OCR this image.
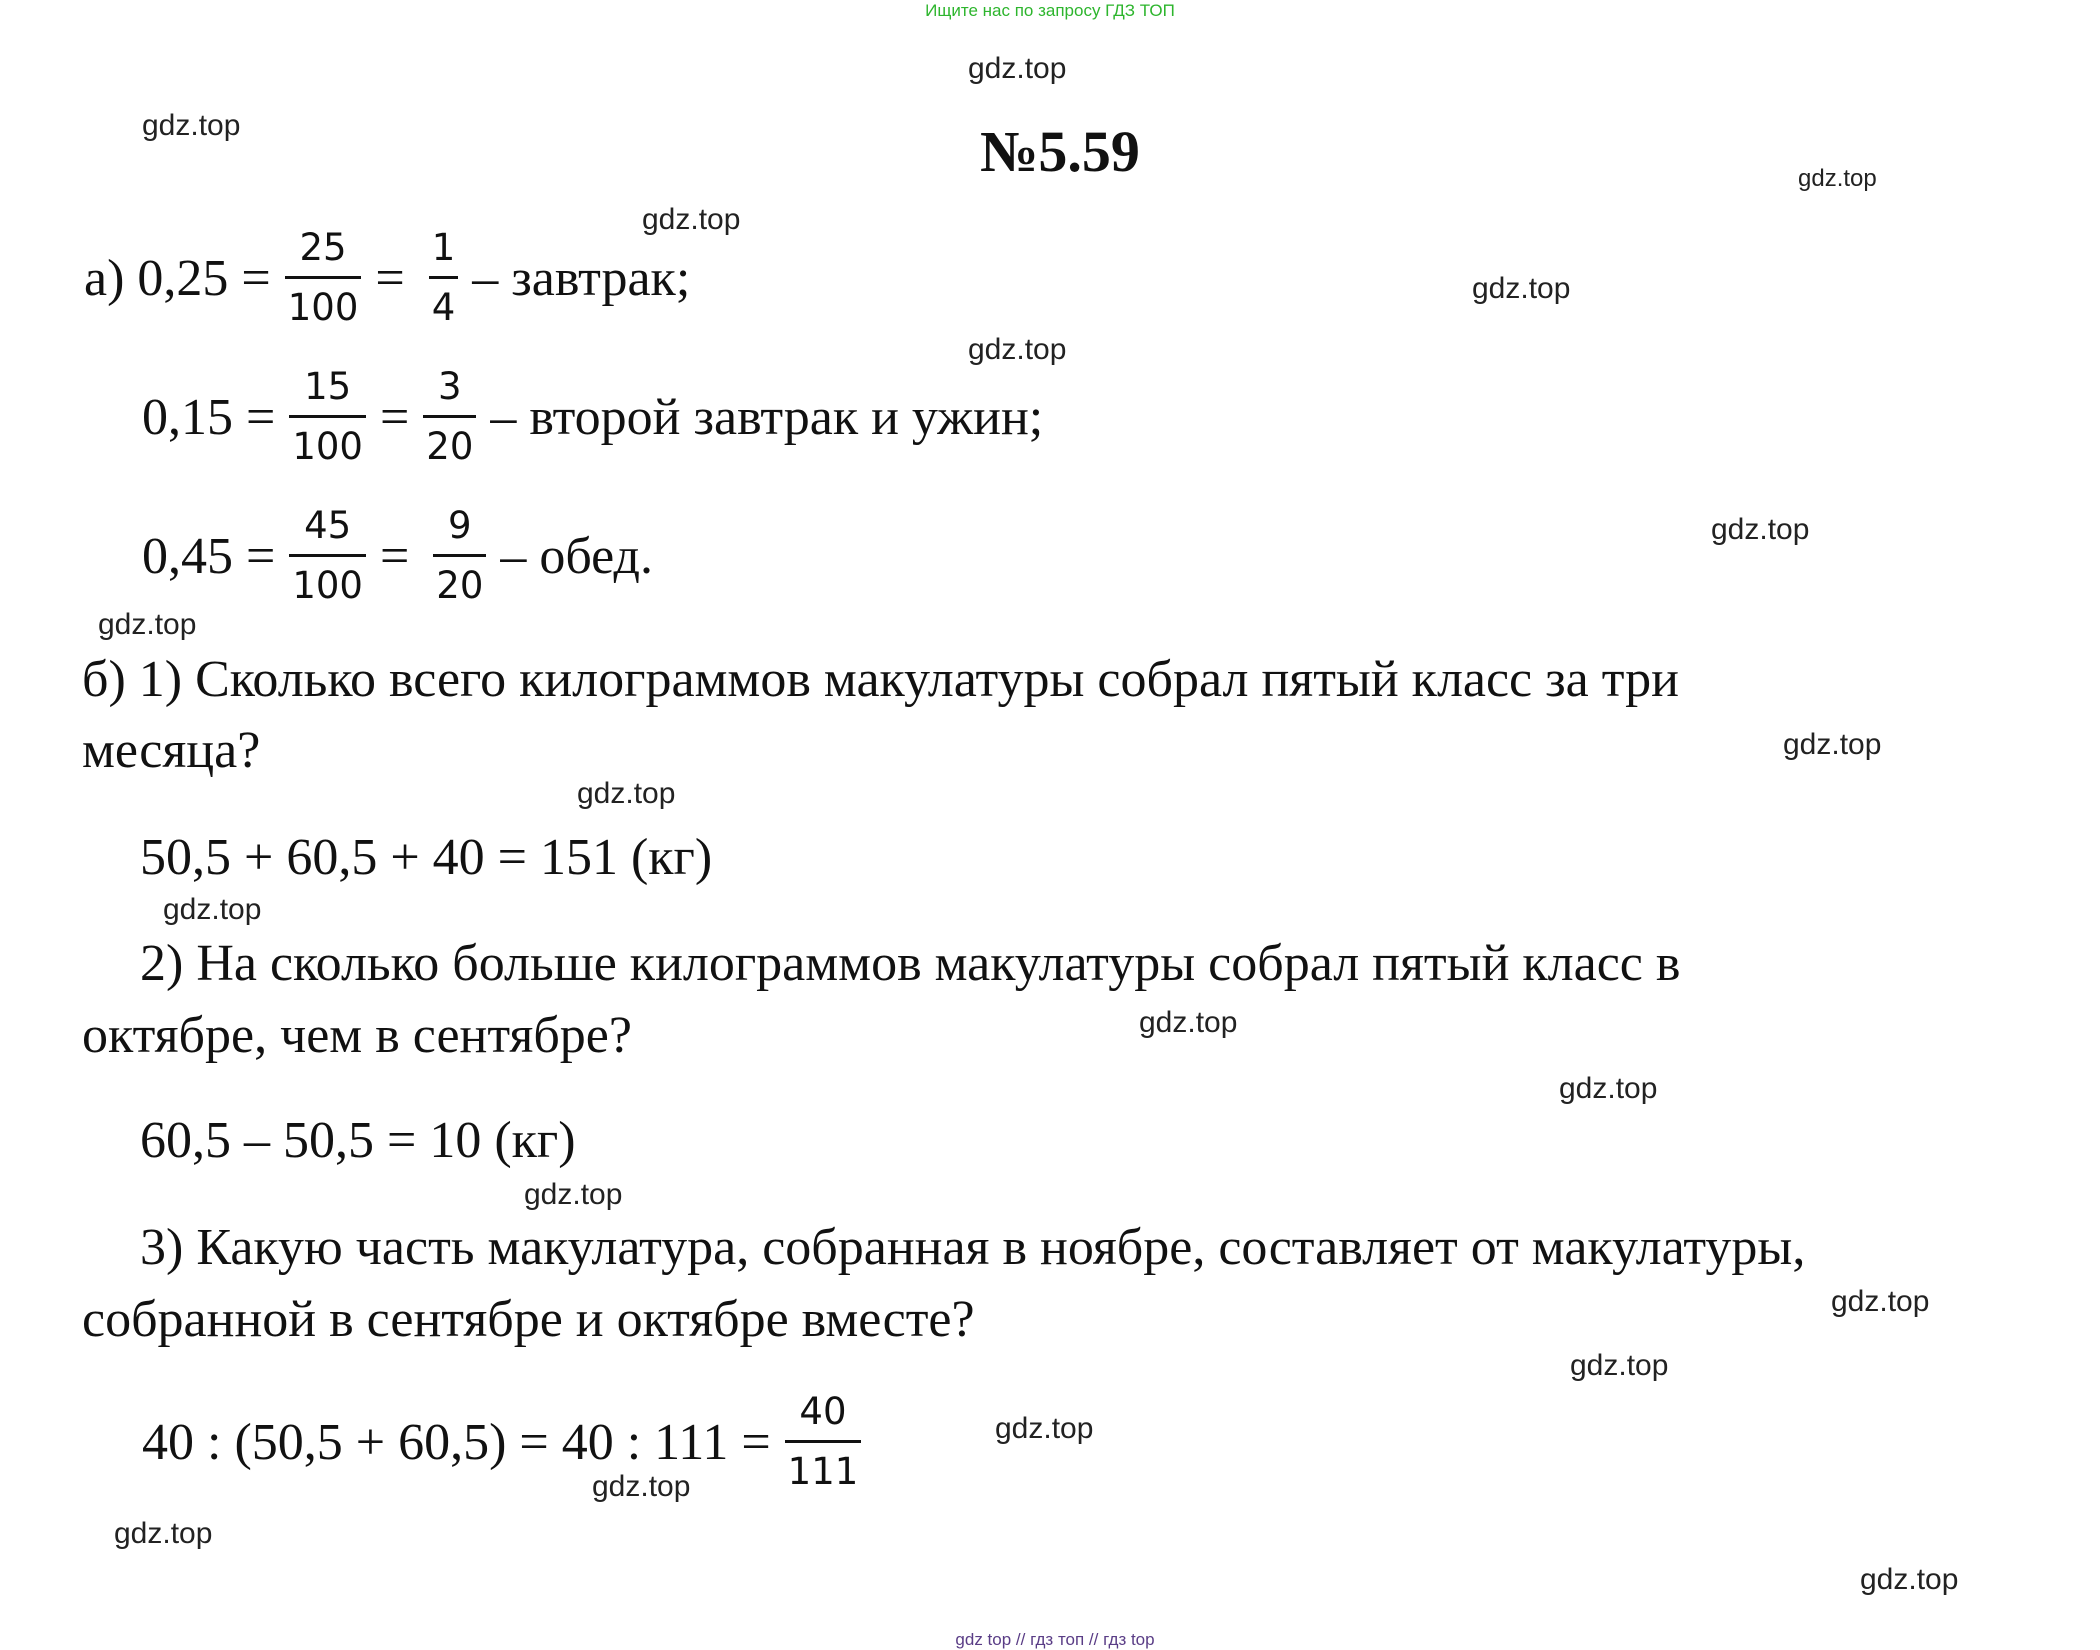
Ищите нас по запросу ГДЗ ТОП
№5.59
gdz.top
gdz.top
gdz.top
gdz.top
gdz.top
gdz.top
gdz.top
gdz.top
gdz.top
gdz.top
gdz.top
gdz.top
gdz.top
gdz.top
gdz.top
gdz.top
gdz.top
gdz.top
gdz.top
gdz.top
а) $0,25 = \frac{25}{100} = \frac{1}{4}$ – завтрак;
$0,15 = \frac{15}{100} = \frac{3}{20}$ – второй завтрак и ужин;
$0,45 = \frac{45}{100} = \frac{9}{20}$ – обед.
б) 1) Сколько всего килограммов макулатуры собрал пятый класс за три
месяца?
50,5 + 60,5 + 40 = 151 (кг)
2) На сколько больше килограммов макулатуры собрал пятый класс в
октябре, чем в сентябре?
60,5 – 50,5 = 10 (кг)
3) Какую часть макулатура, собранная в ноябре, составляет от макулатуры,
собранной в сентябре и октябре вместе?
40 : (50,5 + 60,5) = 40 : $111 = \frac{40}{111}$
gdz top // гдз топ // гдз top
